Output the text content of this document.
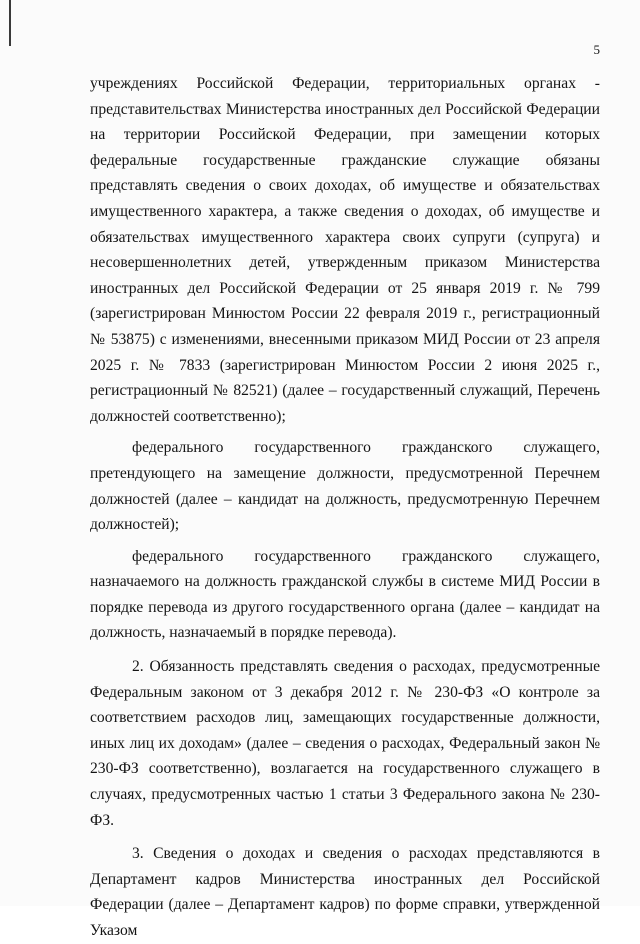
5

учреждениях Российской Федерации, территориальных органах - представительствах Министерства иностранных дел Российской Федерации на территории Российской Федерации, при замещении которых федеральные государственные гражданские служащие обязаны представлять сведения о своих доходах, об имуществе и обязательствах имущественного характера, а также сведения о доходах, об имуществе и обязательствах имущественного характера своих супруги (супруга) и несовершеннолетних детей, утвержденным приказом Министерства иностранных дел Российской Федерации от 25 января 2019 г. № 799 (зарегистрирован Минюстом России 22 февраля 2019 г., регистрационный № 53875) с изменениями, внесенными приказом МИД России от 23 апреля 2025 г. № 7833 (зарегистрирован Минюстом России 2 июня 2025 г., регистрационный № 82521) (далее – государственный служащий, Перечень должностей соответственно);

федерального государственного гражданского служащего, претендующего на замещение должности, предусмотренной Перечнем должностей (далее – кандидат на должность, предусмотренную Перечнем должностей);

федерального государственного гражданского служащего, назначаемого на должность гражданской службы в системе МИД России в порядке перевода из другого государственного органа (далее – кандидат на должность, назначаемый в порядке перевода).

2. Обязанность представлять сведения о расходах, предусмотренные Федеральным законом от 3 декабря 2012 г. № 230-ФЗ «О контроле за соответствием расходов лиц, замещающих государственные должности, иных лиц их доходам» (далее – сведения о расходах, Федеральный закон № 230-ФЗ соответственно), возлагается на государственного служащего в случаях, предусмотренных частью 1 статьи 3 Федерального закона № 230-ФЗ.

3. Сведения о доходах и сведения о расходах представляются в Департамент кадров Министерства иностранных дел Российской Федерации (далее – Департамент кадров) по форме справки, утвержденной Указом
